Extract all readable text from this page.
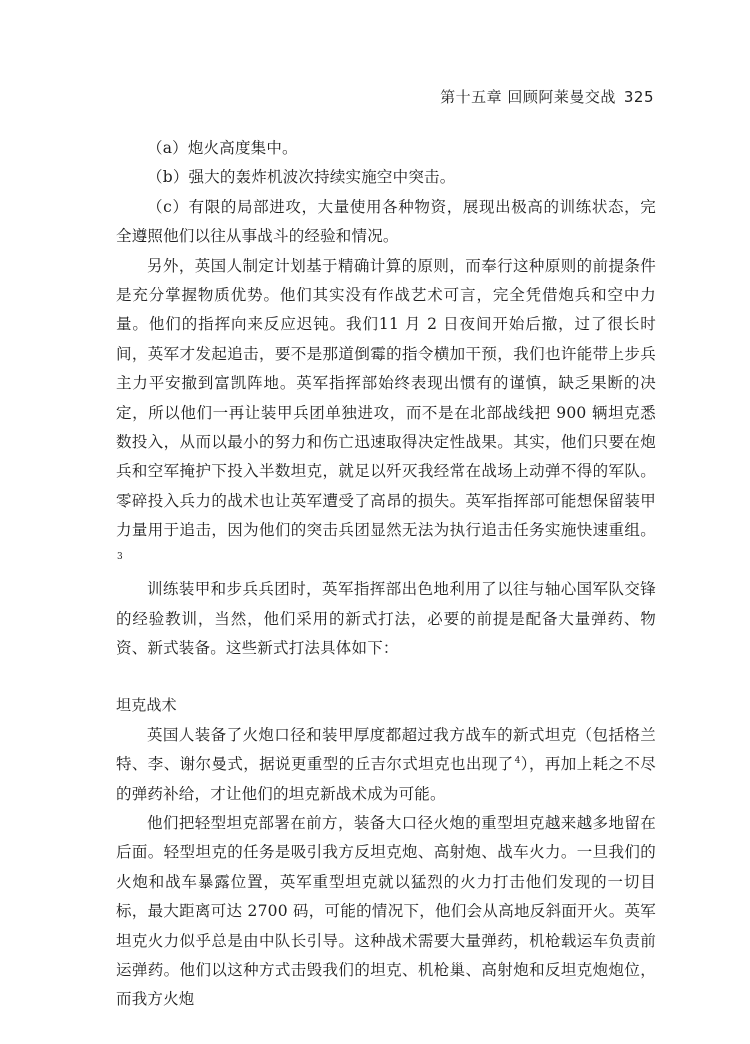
第十五章 回顾阿莱曼交战 325

（a）炮火高度集中。

（b）强大的轰炸机波次持续实施空中突击。

（c）有限的局部进攻，大量使用各种物资，展现出极高的训练状态，完全遵照他们以往从事战斗的经验和情况。

另外，英国人制定计划基于精确计算的原则，而奉行这种原则的前提条件是充分掌握物质优势。他们其实没有作战艺术可言，完全凭借炮兵和空中力量。他们的指挥向来反应迟钝。我们11 月 2 日夜间开始后撤，过了很长时间，英军才发起追击，要不是那道倒霉的指令横加干预，我们也许能带上步兵主力平安撤到富凯阵地。英军指挥部始终表现出惯有的谨慎，缺乏果断的决定，所以他们一再让装甲兵团单独进攻，而不是在北部战线把 900 辆坦克悉数投入，从而以最小的努力和伤亡迅速取得决定性战果。其实，他们只要在炮兵和空军掩护下投入半数坦克，就足以歼灭我经常在战场上动弹不得的军队。零碎投入兵力的战术也让英军遭受了高昂的损失。英军指挥部可能想保留装甲力量用于追击，因为他们的突击兵团显然无法为执行追击任务实施快速重组。$^3$

训练装甲和步兵兵团时，英军指挥部出色地利用了以往与轴心国军队交锋的经验教训，当然，他们采用的新式打法，必要的前提是配备大量弹药、物资、新式装备。这些新式打法具体如下：

坦克战术

英国人装备了火炮口径和装甲厚度都超过我方战车的新式坦克（包括格兰特、李、谢尔曼式，据说更重型的丘吉尔式坦克也出现了$^4$），再加上耗之不尽的弹药补给，才让他们的坦克新战术成为可能。

他们把轻型坦克部署在前方，装备大口径火炮的重型坦克越来越多地留在后面。轻型坦克的任务是吸引我方反坦克炮、高射炮、战车火力。一旦我们的火炮和战车暴露位置，英军重型坦克就以猛烈的火力打击他们发现的一切目标，最大距离可达 2700 码，可能的情况下，他们会从高地反斜面开火。英军坦克火力似乎总是由中队长引导。这种战术需要大量弹药，机枪载运车负责前运弹药。他们以这种方式击毁我们的坦克、机枪巢、高射炮和反坦克炮炮位，而我方火炮
